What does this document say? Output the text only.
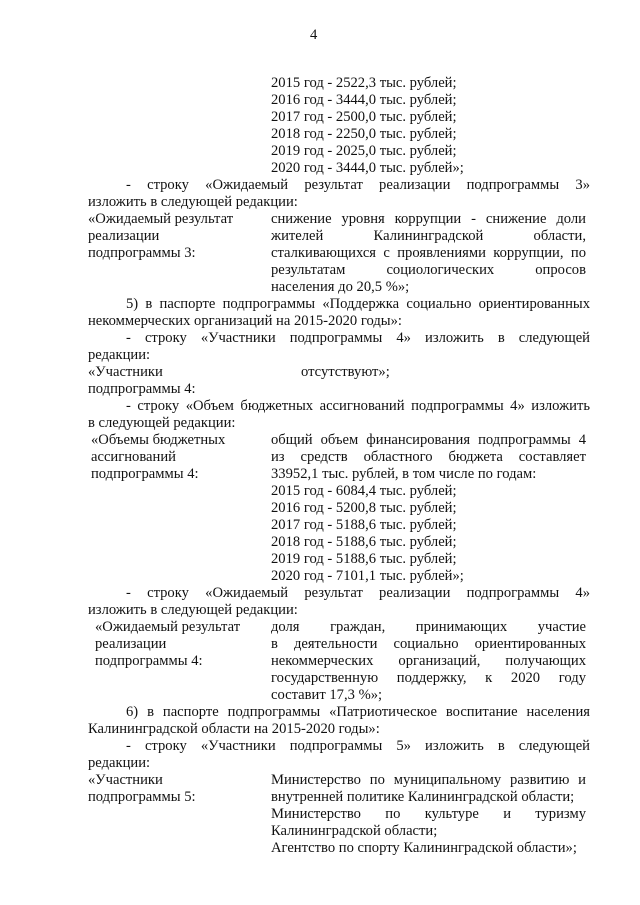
4
2015 год - 2522,3 тыс. рублей;
2016 год - 3444,0 тыс. рублей;
2017 год - 2500,0 тыс. рублей;
2018 год - 2250,0 тыс. рублей;
2019 год - 2025,0 тыс. рублей;
2020 год - 3444,0 тыс. рублей»;
- строку «Ожидаемый результат реализации подпрограммы 3»
изложить в следующей редакции:
«Ожидаемый результат
реализации
подпрограммы 3:
снижение уровня коррупции - снижение доли
жителей Калининградской области,
сталкивающихся с проявлениями коррупции, по
результатам социологических опросов
населения до 20,5 %»;
5) в паспорте подпрограммы «Поддержка социально ориентированных
некоммерческих организаций на 2015-2020 годы»:
- строку «Участники подпрограммы 4» изложить в следующей
редакции:
«Участники
подпрограммы 4:
отсутствуют»;
- строку «Объем бюджетных ассигнований подпрограммы 4» изложить
в следующей редакции:
«Объемы бюджетных
ассигнований
подпрограммы 4:
общий объем финансирования подпрограммы 4
из средств областного бюджета составляет
33952,1 тыс. рублей, в том числе по годам:
2015 год - 6084,4 тыс. рублей;
2016 год - 5200,8 тыс. рублей;
2017 год - 5188,6 тыс. рублей;
2018 год - 5188,6 тыс. рублей;
2019 год - 5188,6 тыс. рублей;
2020 год - 7101,1 тыс. рублей»;
- строку «Ожидаемый результат реализации подпрограммы 4»
изложить в следующей редакции:
«Ожидаемый результат
реализации
подпрограммы 4:
доля граждан, принимающих участие
в деятельности социально ориентированных
некоммерческих организаций, получающих
государственную поддержку, к 2020 году
составит 17,3 %»;
6) в паспорте подпрограммы «Патриотическое воспитание населения
Калининградской области на 2015-2020 годы»:
- строку «Участники подпрограммы 5» изложить в следующей
редакции:
«Участники
подпрограммы 5:
Министерство по муниципальному развитию и
внутренней политике Калининградской области;
Министерство по культуре и туризму
Калининградской области;
Агентство по спорту Калининградской области»;
